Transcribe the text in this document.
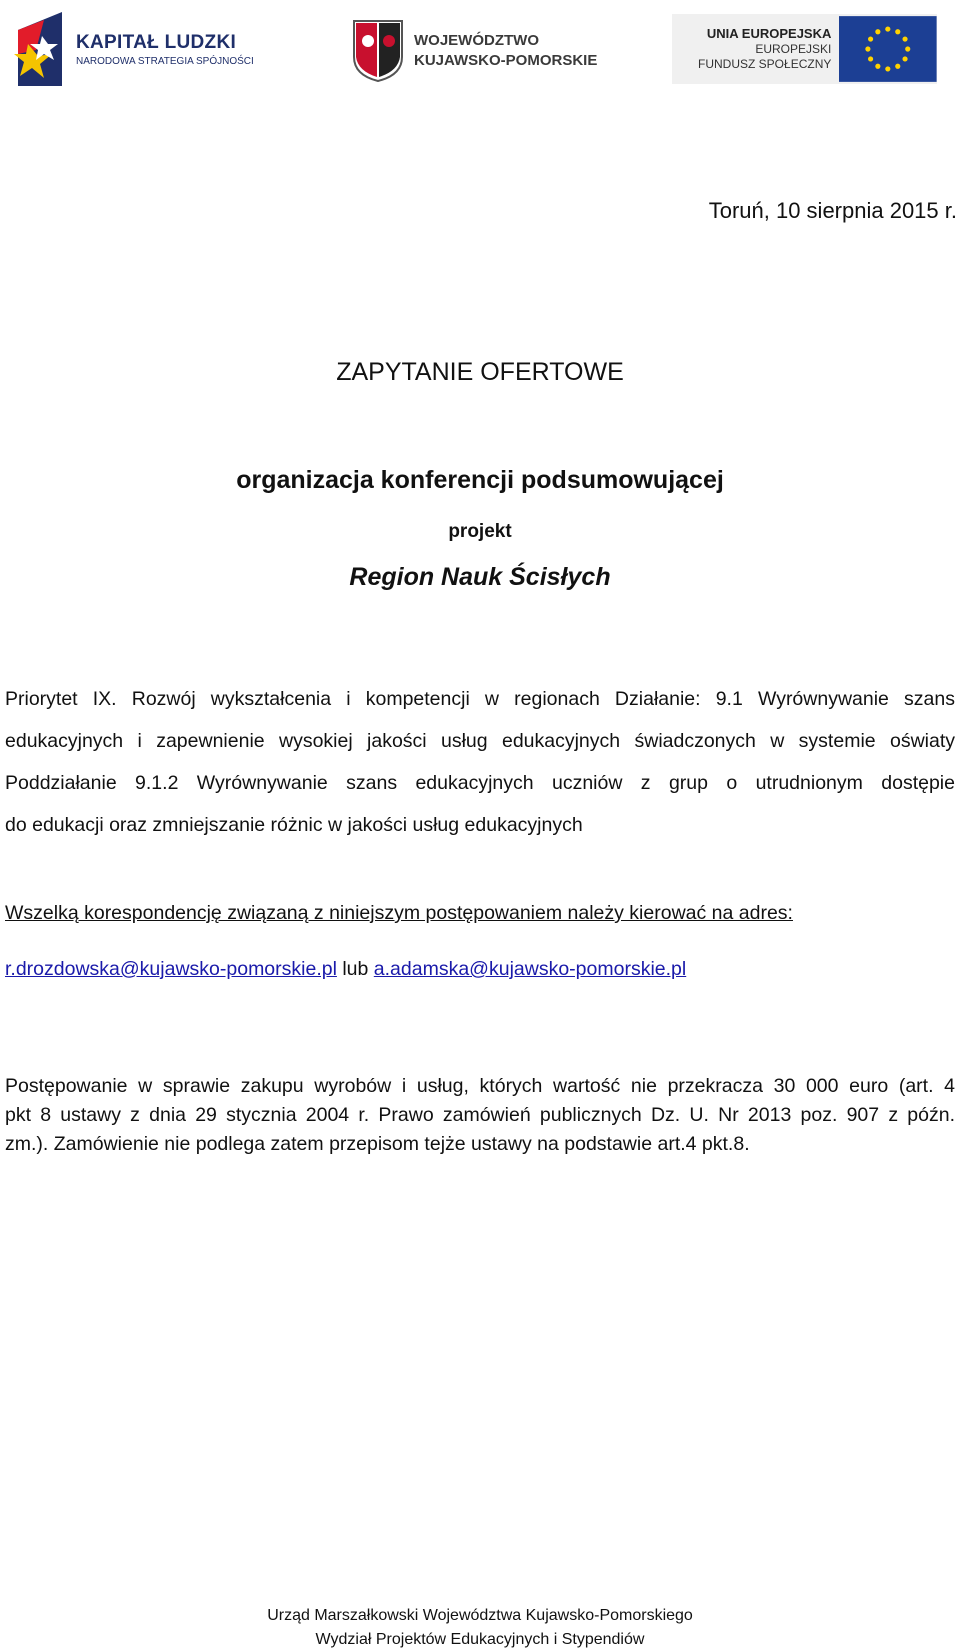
KAPITAŁ LUDZKI
NARODOWA STRATEGIA SPÓJNOŚCI
WOJEWÓDZTWO
KUJAWSKO-POMORSKIE
UNIA EUROPEJSKA
EUROPEJSKI
FUNDUSZ SPOŁECZNY
Toruń, 10 sierpnia 2015 r.
ZAPYTANIE OFERTOWE
organizacja konferencji podsumowującej
projekt
Region Nauk Ścisłych
Priorytet IX. Rozwój wykształcenia i kompetencji w regionach Działanie: 9.1 Wyrównywanie szans
edukacyjnych i zapewnienie wysokiej jakości usług edukacyjnych świadczonych w systemie oświaty
Poddziałanie 9.1.2 Wyrównywanie szans edukacyjnych uczniów z grup o utrudnionym dostępie
do edukacji oraz zmniejszanie różnic w jakości usług edukacyjnych
Wszelką korespondencję związaną z niniejszym postępowaniem należy kierować na adres:
r.drozdowska@kujawsko-pomorskie.pl lub a.adamska@kujawsko-pomorskie.pl
Postępowanie w sprawie zakupu wyrobów i usług, których wartość nie przekracza 30 000 euro (art. 4
pkt 8 ustawy z dnia 29 stycznia 2004 r. Prawo zamówień publicznych Dz. U. Nr 2013 poz. 907 z późn.
zm.). Zamówienie nie podlega zatem przepisom tejże ustawy na podstawie art.4 pkt.8.
Urząd Marszałkowski Województwa Kujawsko-Pomorskiego
Wydział Projektów Edukacyjnych i Stypendiów
